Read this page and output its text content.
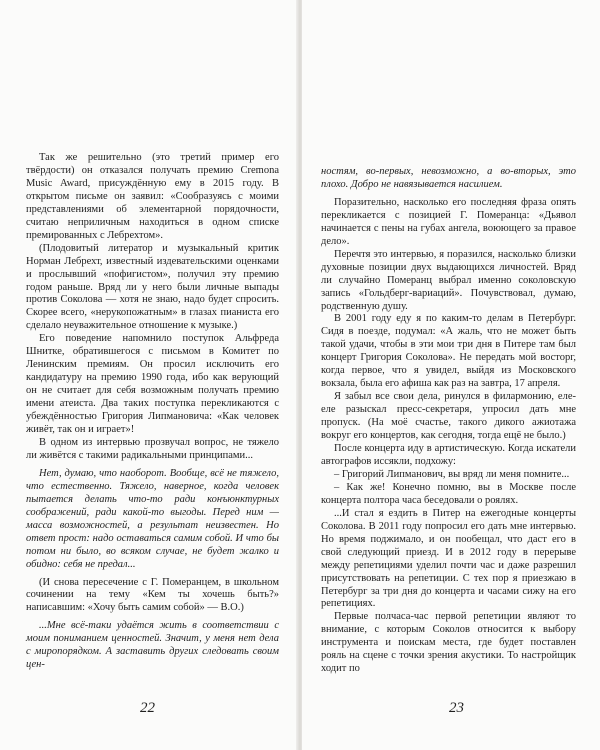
Так же решительно (это третий пример его твёрдости) он отказался получать премию Cremona Music Award, присуждённую ему в 2015 году. В открытом письме он заявил: «Сообразуясь с моими представлениями об элементарной порядочности, считаю неприличным находиться в одном списке премированных с Лебрехтом».

(Плодовитый литератор и музыкальный критик Норман Лебрехт, известный издевательскими оценками и прослывший «пофигистом», получил эту премию годом раньше. Вряд ли у него были личные выпады против Соколова — хотя не знаю, надо будет спросить. Скорее всего, «нерукопожатным» в глазах пианиста его сделало неуважительное отношение к музыке.)

Его поведение напомнило поступок Альфреда Шнитке, обратившегося с письмом в Комитет по Ленинским премиям. Он просил исключить его кандидатуру на премию 1990 года, ибо как верующий он не считает для себя возможным получать премию имени атеиста. Два таких поступка перекликаются с убеждённостью Григория Липмановича: «Как человек живёт, так он и играет»!

В одном из интервью прозвучал вопрос, не тяжело ли живётся с такими радикальными принципами...

Нет, думаю, что наоборот. Вообще, всё не тяжело, что естественно. Тяжело, наверное, когда человек пытается делать что-то ради конъюнктурных соображений, ради какой-то выгоды. Перед ним — масса возможностей, а результат неизвестен. Но ответ прост: надо оставаться самим собой. И что бы потом ни было, во всяком случае, не будет жалко и обидно: себя не предал...

(И снова пересечение с Г. Померанцем, в школьном сочинении на тему «Кем ты хочешь быть?» написавшим: «Хочу быть самим собой» — В.О.)

...Мне всё-таки удаётся жить в соответствии с моим пониманием ценностей. Значит, у меня нет дела с миропорядком. А заставить других следовать своим цен-

22

ностям, во-первых, невозможно, а во-вторых, это плохо. Добро не навязывается насилием.

Поразительно, насколько его последняя фраза опять перекликается с позицией Г. Померанца: «Дьявол начинается с пены на губах ангела, воюющего за правое дело».

Перечтя это интервью, я поразился, насколько близки духовные позиции двух выдающихся личностей. Вряд ли случайно Померанц выбрал именно соколовскую запись «Гольдберг-вариаций». Почувствовал, думаю, родственную душу.

В 2001 году еду я по каким-то делам в Петербург. Сидя в поезде, подумал: «А жаль, что не может быть такой удачи, чтобы в эти мои три дня в Питере там был концерт Григория Соколова». Не передать мой восторг, когда первое, что я увидел, выйдя из Московского вокзала, была его афиша как раз на завтра, 17 апреля.

Я забыл все свои дела, ринулся в филармонию, еле-еле разыскал пресс-секретаря, упросил дать мне пропуск. (На моё счастье, такого дикого ажиотажа вокруг его концертов, как сегодня, тогда ещё не было.)

После концерта иду в артистическую. Когда искатели автографов иссякли, подхожу:

– Григорий Липманович, вы вряд ли меня помните...

– Как же! Конечно помню, вы в Москве после концерта полтора часа беседовали о роялях.

...И стал я ездить в Питер на ежегодные концерты Соколова. В 2011 году попросил его дать мне интервью. Но время поджимало, и он пообещал, что даст его в свой следующий приезд. И в 2012 году в перерыве между репетициями уделил почти час и даже разрешил присутствовать на репетиции. С тех пор я приезжаю в Петербург за три дня до концерта и часами сижу на его репетициях.

Первые полчаса-час первой репетиции являют то внимание, с которым Соколов относится к выбору инструмента и поискам места, где будет поставлен рояль на сцене с точки зрения акустики. То настройщик ходит по

23
